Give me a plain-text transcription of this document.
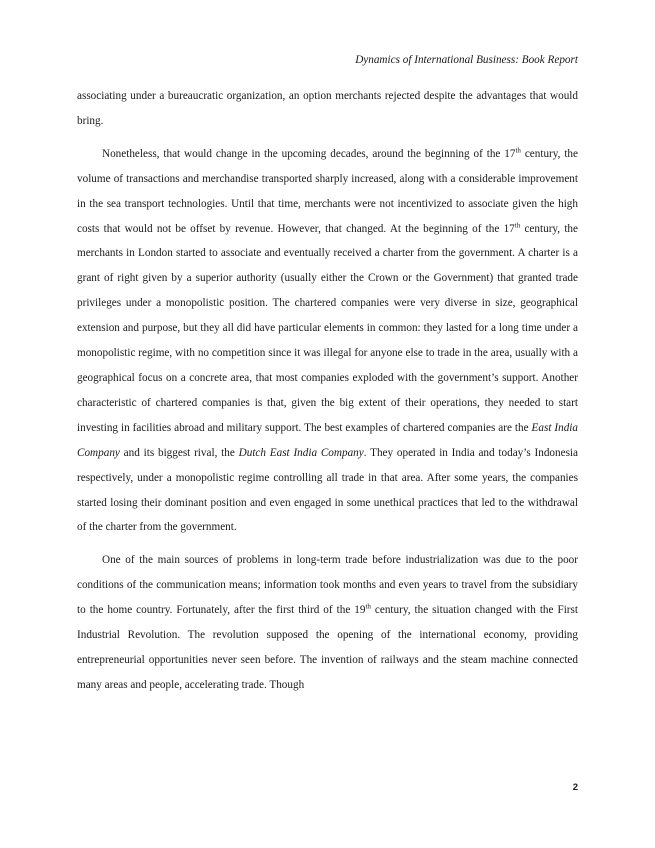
Dynamics of International Business: Book Report

associating under a bureaucratic organization, an option merchants rejected despite the advantages that would bring.

Nonetheless, that would change in the upcoming decades, around the beginning of the 17th century, the volume of transactions and merchandise transported sharply increased, along with a considerable improvement in the sea transport technologies. Until that time, merchants were not incentivized to associate given the high costs that would not be offset by revenue. However, that changed. At the beginning of the 17th century, the merchants in London started to associate and eventually received a charter from the government. A charter is a grant of right given by a superior authority (usually either the Crown or the Government) that granted trade privileges under a monopolistic position. The chartered companies were very diverse in size, geographical extension and purpose, but they all did have particular elements in common: they lasted for a long time under a monopolistic regime, with no competition since it was illegal for anyone else to trade in the area, usually with a geographical focus on a concrete area, that most companies exploded with the government’s support. Another characteristic of chartered companies is that, given the big extent of their operations, they needed to start investing in facilities abroad and military support. The best examples of chartered companies are the East India Company and its biggest rival, the Dutch East India Company. They operated in India and today’s Indonesia respectively, under a monopolistic regime controlling all trade in that area. After some years, the companies started losing their dominant position and even engaged in some unethical practices that led to the withdrawal of the charter from the government.

One of the main sources of problems in long-term trade before industrialization was due to the poor conditions of the communication means; information took months and even years to travel from the subsidiary to the home country. Fortunately, after the first third of the 19th century, the situation changed with the First Industrial Revolution. The revolution supposed the opening of the international economy, providing entrepreneurial opportunities never seen before. The invention of railways and the steam machine connected many areas and people, accelerating trade. Though

2
